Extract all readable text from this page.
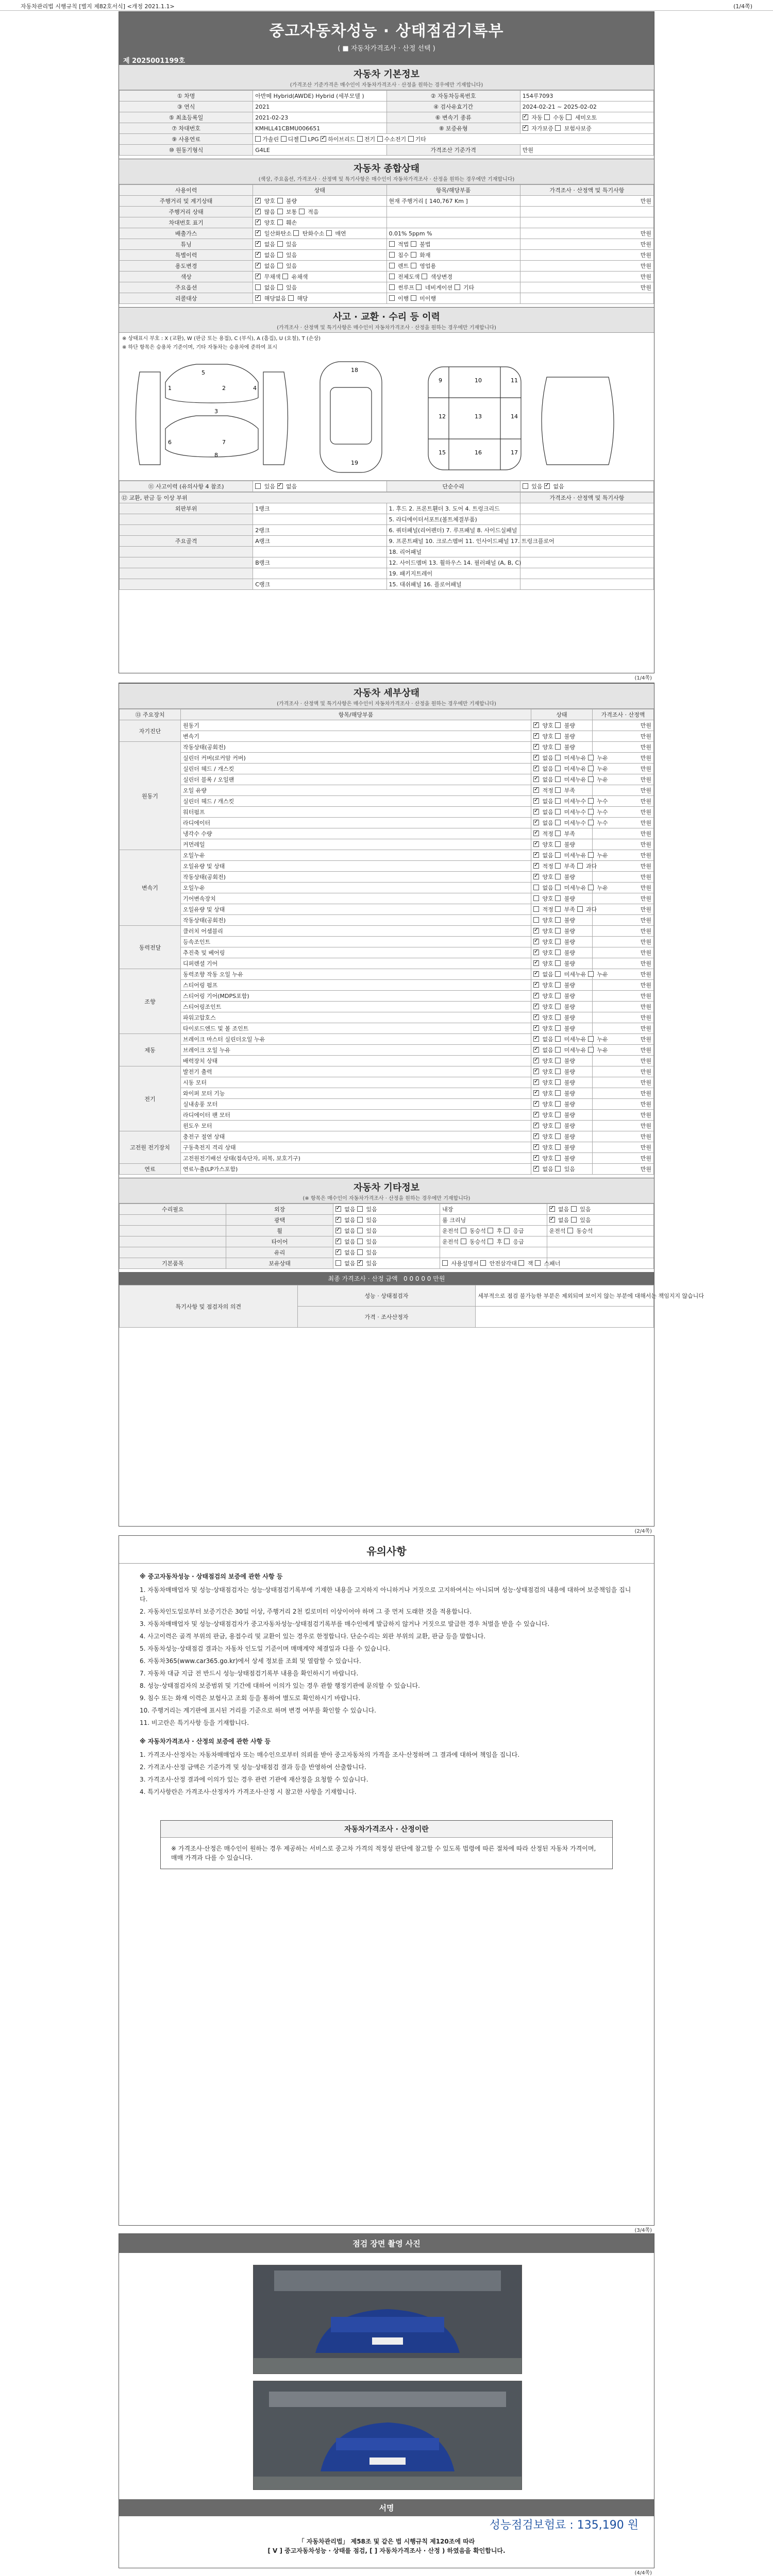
자동차관리법 시행규칙 [별지 제82호서식] <개정 2021.1.1>	(1/4쪽)
중고자동차성능 · 상태점검기록부
( ■ 자동차가격조사 · 산정 선택 )
제 2025001199호
자동차 기본정보
(가격조산 기준가격은 매수인이 자동차가격조사 · 산정을 원하는 경우에만 기재합니다)
① 차명	아반떼 Hybrid(AWDE) Hybrid (세부모델 )	② 자동차등록번호	154루7093
③ 연식	2021	④ 검사유효기간	2024-02-21 ~ 2025-02-02
⑤ 최초등록일	2021-02-23	⑥ 변속기 종류	✓ 자동  수동  세미오토
⑦ 차대번호	KMHLL41CBMU006651	⑧ 보증유형	✓ 자가보증  보험사보증
⑨ 사용연료	가솔린 디젤 LPG ✓하이브리드 전기 수소전기 기타
⑩ 원동기형식	G4LE	가격조산 기준가격	만원
자동차 종합상태
(색상, 주요옵션, 가격조사 · 산정액 및 특기사항은 매수인이 자동차가격조사 · 산정을 원하는 경우에만 기재합니다)
사용이력	상태	항목/해당부품	가격조사 · 산정액 및 특기사항
주행거리 및 계기상태	✓ 양호  불량	현재 주행거리 [ 140,767 Km ]	만원
주행거리 상태	✓ 많음  보통  적음		
차대번호 표기	✓ 양호  훼손		
배출가스	✓ 일산화탄소  탄화수소  매연	0.01% 5ppm %	만원
튜닝	✓ 없음  있음	적법  불법	만원
특별이력	✓ 없음  있음	침수  화재	만원
용도변경	✓ 없음  있음	렌트  영업용	만원
색상	✓ 무채색  유채색	전체도색  색상변경	만원
주요옵션	없음  있음	썬루프  네비게이션  기타	만원
리콜대상	✓ 해당없음  해당	이행  미이행	
사고 · 교환 · 수리 등 이력
(가격조사 · 산정액 및 특기사항은 매수인이 자동차가격조사 · 산정을 원하는 경우에만 기재합니다)
※ 상태표시 부호 : X (교환), W (판금 또는 용접), C (부식), A (흠집), U (요철), T (손상)
※ 하단 항목은 승용차 기준이며, 기타 자동차는 승용차에 준하여 표시
1	2
3
4
5
6	7
8
9	10	11
12	13	14
15	16	17
18
19
⑪ 사고이력 (유의사항 4 참조)	있음 ✓ 없음	단순수리	있음 ✓ 없음
⑫ 교환, 판금 등 이상 부위			가격조사 · 산정액 및 특기사항
외판부위	1랭크	1. 후드 2. 프론트휀더 3. 도어 4. 트렁크리드	
		5. 라디에이터서포트(볼트체결부품)	
	2랭크	6. 쿼터패널(리어펜더) 7. 루프패널 8. 사이드실패널	
주요골격	A랭크	9. 프론트패널 10. 크로스멤버 11. 인사이드패널 17. 트렁크플로어	
		18. 리어패널	
	B랭크	12. 사이드멤버 13. 휠하우스 14. 필러패널 (A, B, C)	
		19. 패키지트레이	
	C랭크	15. 대쉬패널 16. 플로어패널	
(1/4쪽)
자동차 세부상태
(가격조사 · 산정액 및 특기사항은 매수인이 자동차가격조사 · 산정을 원하는 경우에만 기재합니다)
⑬ 주요장치	항목/해당부품	상태	가격조사 · 산정액
자기진단	원동기	✓ 양호  불량	만원
	변속기	✓ 양호  불량	만원
원동기	작동상태(공회전)	✓ 양호  불량	만원
	실린더 커버(로커암 커버)	✓ 없음  미세누유  누유	만원
	실린더 헤드 / 개스킷	✓ 없음  미세누유  누유	만원
	실린더 블록 / 오일팬	✓ 없음  미세누유  누유	만원
	오일 유량	✓ 적정  부족	만원
	실린더 헤드 / 개스킷	✓ 없음  미세누수  누수	만원
	워터펌프	✓ 없음  미세누수  누수	만원
	라디에이터	✓ 없음  미세누수  누수	만원
	냉각수 수량	✓ 적정  부족	만원
	커먼레일	✓ 양호  불량	만원
변속기	오일누유	✓ 없음  미세누유  누유	만원
	오일유량 및 상태	✓ 적정  부족  과다	만원
	작동상태(공회전)	✓ 양호  불량	만원
	오일누유	없음  미세누유  누유	만원
	기어변속장치	양호  불량	만원
	오일유량 및 상태	적정  부족  과다	만원
	작동상태(공회전)	양호  불량	만원
동력전달	클러치 어셈블리	✓ 양호  불량	만원
	등속조인트	✓ 양호  불량	만원
	추진축 및 베어링	✓ 양호  불량	만원
	디퍼렌셜 기어	✓ 양호  불량	만원
조향	동력조향 작동 오일 누유	✓ 없음  미세누유  누유	만원
	스티어링 펌프	✓ 양호  불량	만원
	스티어링 기어(MDPS포함)	✓ 양호  불량	만원
	스티어링조인트	✓ 양호  불량	만원
	파워고압호스	✓ 양호  불량	만원
	타이로드엔드 및 볼 조인트	✓ 양호  불량	만원
제동	브레이크 마스터 실린더오일 누유	✓ 없음  미세누유  누유	만원
	브레이크 오일 누유	✓ 없음  미세누유  누유	만원
	배력장치 상태	✓ 양호  불량	만원
전기	발전기 출력	✓ 양호  불량	만원
	시동 모터	✓ 양호  불량	만원
	와이퍼 모터 기능	✓ 양호  불량	만원
	실내송풍 모터	✓ 양호  불량	만원
	라디에이터 팬 모터	✓ 양호  불량	만원
	윈도우 모터	✓ 양호  불량	만원
고전원 전기장치	충전구 절연 상태	✓ 양호  불량	만원
	구동축전지 격리 상태	✓ 양호  불량	만원
	고전원전기배선 상태(접속단자, 피복, 보호기구)	✓ 양호  불량	만원
연료	연료누출(LP가스포함)	✓ 없음  있음	만원
자동차 기타정보
(※ 항목은 매수인이 자동차가격조사 · 산정을 원하는 경우에만 기재합니다)
수리필요	외장	✓ 없음  있음	내장	✓ 없음  있음
	광택	✓ 없음  있음	룸 크리닝	✓ 없음  있음
	휠	✓ 없음  있음	운전석  동승석  후  응급	운전석  동승석
	타이어	✓ 없음  있음	운전석  동승석  후  응급	
	유리	✓ 없음  있음		
기본품목	보유상태	없음 ✓ 있음	사용설명서  안전삼각대  잭  스패너	
최종 가격조사 · 산정 금액 0 0 0 0 0 만원
특기사항 및 점검자의 의견	성능 · 상태점검자	세부적으로 점검 불가능한 부분은 제외되며 보이지 않는 부분에 대해서는 책임지지 않습니다
	가격 · 조사산정자	
(2/4쪽)
유의사항
※ 중고자동차성능 · 상태점검의 보증에 관한 사항 등
1. 자동차매매업자 및 성능·상태점검자는 성능·상태점검기록부에 기재한 내용을 고지하지 아니하거나 거짓으로 고지하여서는 아니되며 성능·상태점검의 내용에 대하여 보증책임을 집니다.
2. 자동차인도일로부터 보증기간은 30일 이상, 주행거리 2천 킬로미터 이상이어야 하며 그 중 먼저 도래한 것을 적용합니다.
3. 자동차매매업자 및 성능·상태점검자가 중고자동차성능·상태점검기록부를 매수인에게 발급하지 않거나 거짓으로 발급한 경우 처벌을 받을 수 있습니다.
4. 사고이력은 골격 부위의 판금, 용접수리 및 교환이 있는 경우로 한정합니다. 단순수리는 외판 부위의 교환, 판금 등을 말합니다.
5. 자동차성능·상태점검 결과는 자동차 인도일 기준이며 매매계약 체결일과 다를 수 있습니다.
6. 자동차365(www.car365.go.kr)에서 상세 정보를 조회 및 열람할 수 있습니다.
7. 자동차 대금 지급 전 반드시 성능·상태점검기록부 내용을 확인하시기 바랍니다.
8. 성능·상태점검자의 보증범위 및 기간에 대하여 이의가 있는 경우 관할 행정기관에 문의할 수 있습니다.
9. 침수 또는 화재 이력은 보험사고 조회 등을 통하여 별도로 확인하시기 바랍니다.
10. 주행거리는 계기판에 표시된 거리를 기준으로 하며 변경 여부를 확인할 수 있습니다.
11. 비고란은 특기사항 등을 기재합니다.
※ 자동차가격조사 · 산정의 보증에 관한 사항 등
1. 가격조사·산정자는 자동차매매업자 또는 매수인으로부터 의뢰를 받아 중고자동차의 가격을 조사·산정하며 그 결과에 대하여 책임을 집니다.
2. 가격조사·산정 금액은 기준가격 및 성능·상태점검 결과 등을 반영하여 산출합니다.
3. 가격조사·산정 결과에 이의가 있는 경우 관련 기관에 재산정을 요청할 수 있습니다.
4. 특기사항란은 가격조사·산정자가 가격조사·산정 시 참고한 사항을 기재합니다.
자동차가격조사 · 산정이란
※ 가격조사·산정은 매수인이 원하는 경우 제공하는 서비스로 중고차 가격의 적정성 판단에 참고할 수 있도록 법령에 따른 절차에 따라 산정된 자동차 가격이며, 매매 가격과 다를 수 있습니다.
(3/4쪽)
점검 장면 촬영 사진
서명
성능점검보험료 : 135,190 원
「 자동차관리법」 제58조 및 같은 법 시행규칙 제120조에 따라
[ V ] 중고자동차성능 · 상태를 점검, [ ] 자동차가격조사 · 산정 ) 하였음을 확인합니다.
(4/4쪽)
